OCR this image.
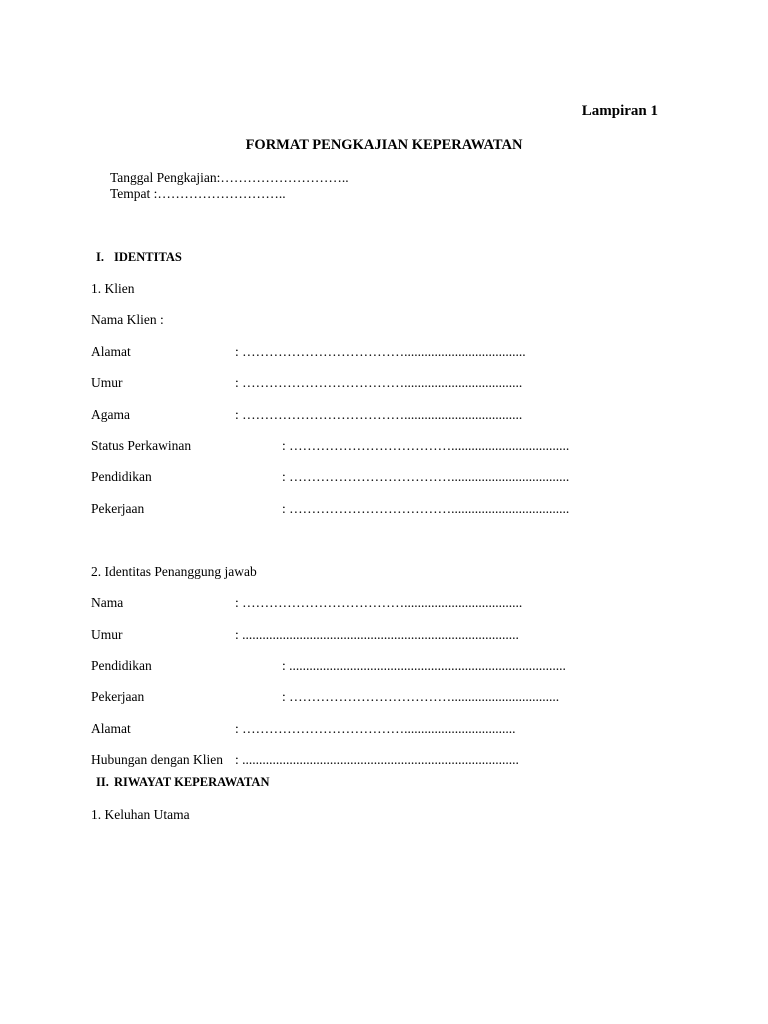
Lampiran 1
FORMAT PENGKAJIAN KEPERAWATAN
Tanggal Pengkajian:………………………..
Tempat :………………………..
I. IDENTITAS
1. Klien
Nama Klien :
Alamat	: ………………………………....................................
Umur	: ………………………………...................................
Agama	: ………………………………...................................
Status Perkawinan	: ………………………………...................................
Pendidikan	: ………………………………...................................
Pekerjaan	: ………………………………...................................
2. Identitas Penanggung jawab
Nama	: ………………………………...................................
Umur	: ..................................................................................
Pendidikan	: ..................................................................................
Pekerjaan	: ………………………………................................
Alamat	: ……………………………….................................
Hubungan dengan Klien : ..................................................................................
II. RIWAYAT KEPERAWATAN
1. Keluhan Utama
